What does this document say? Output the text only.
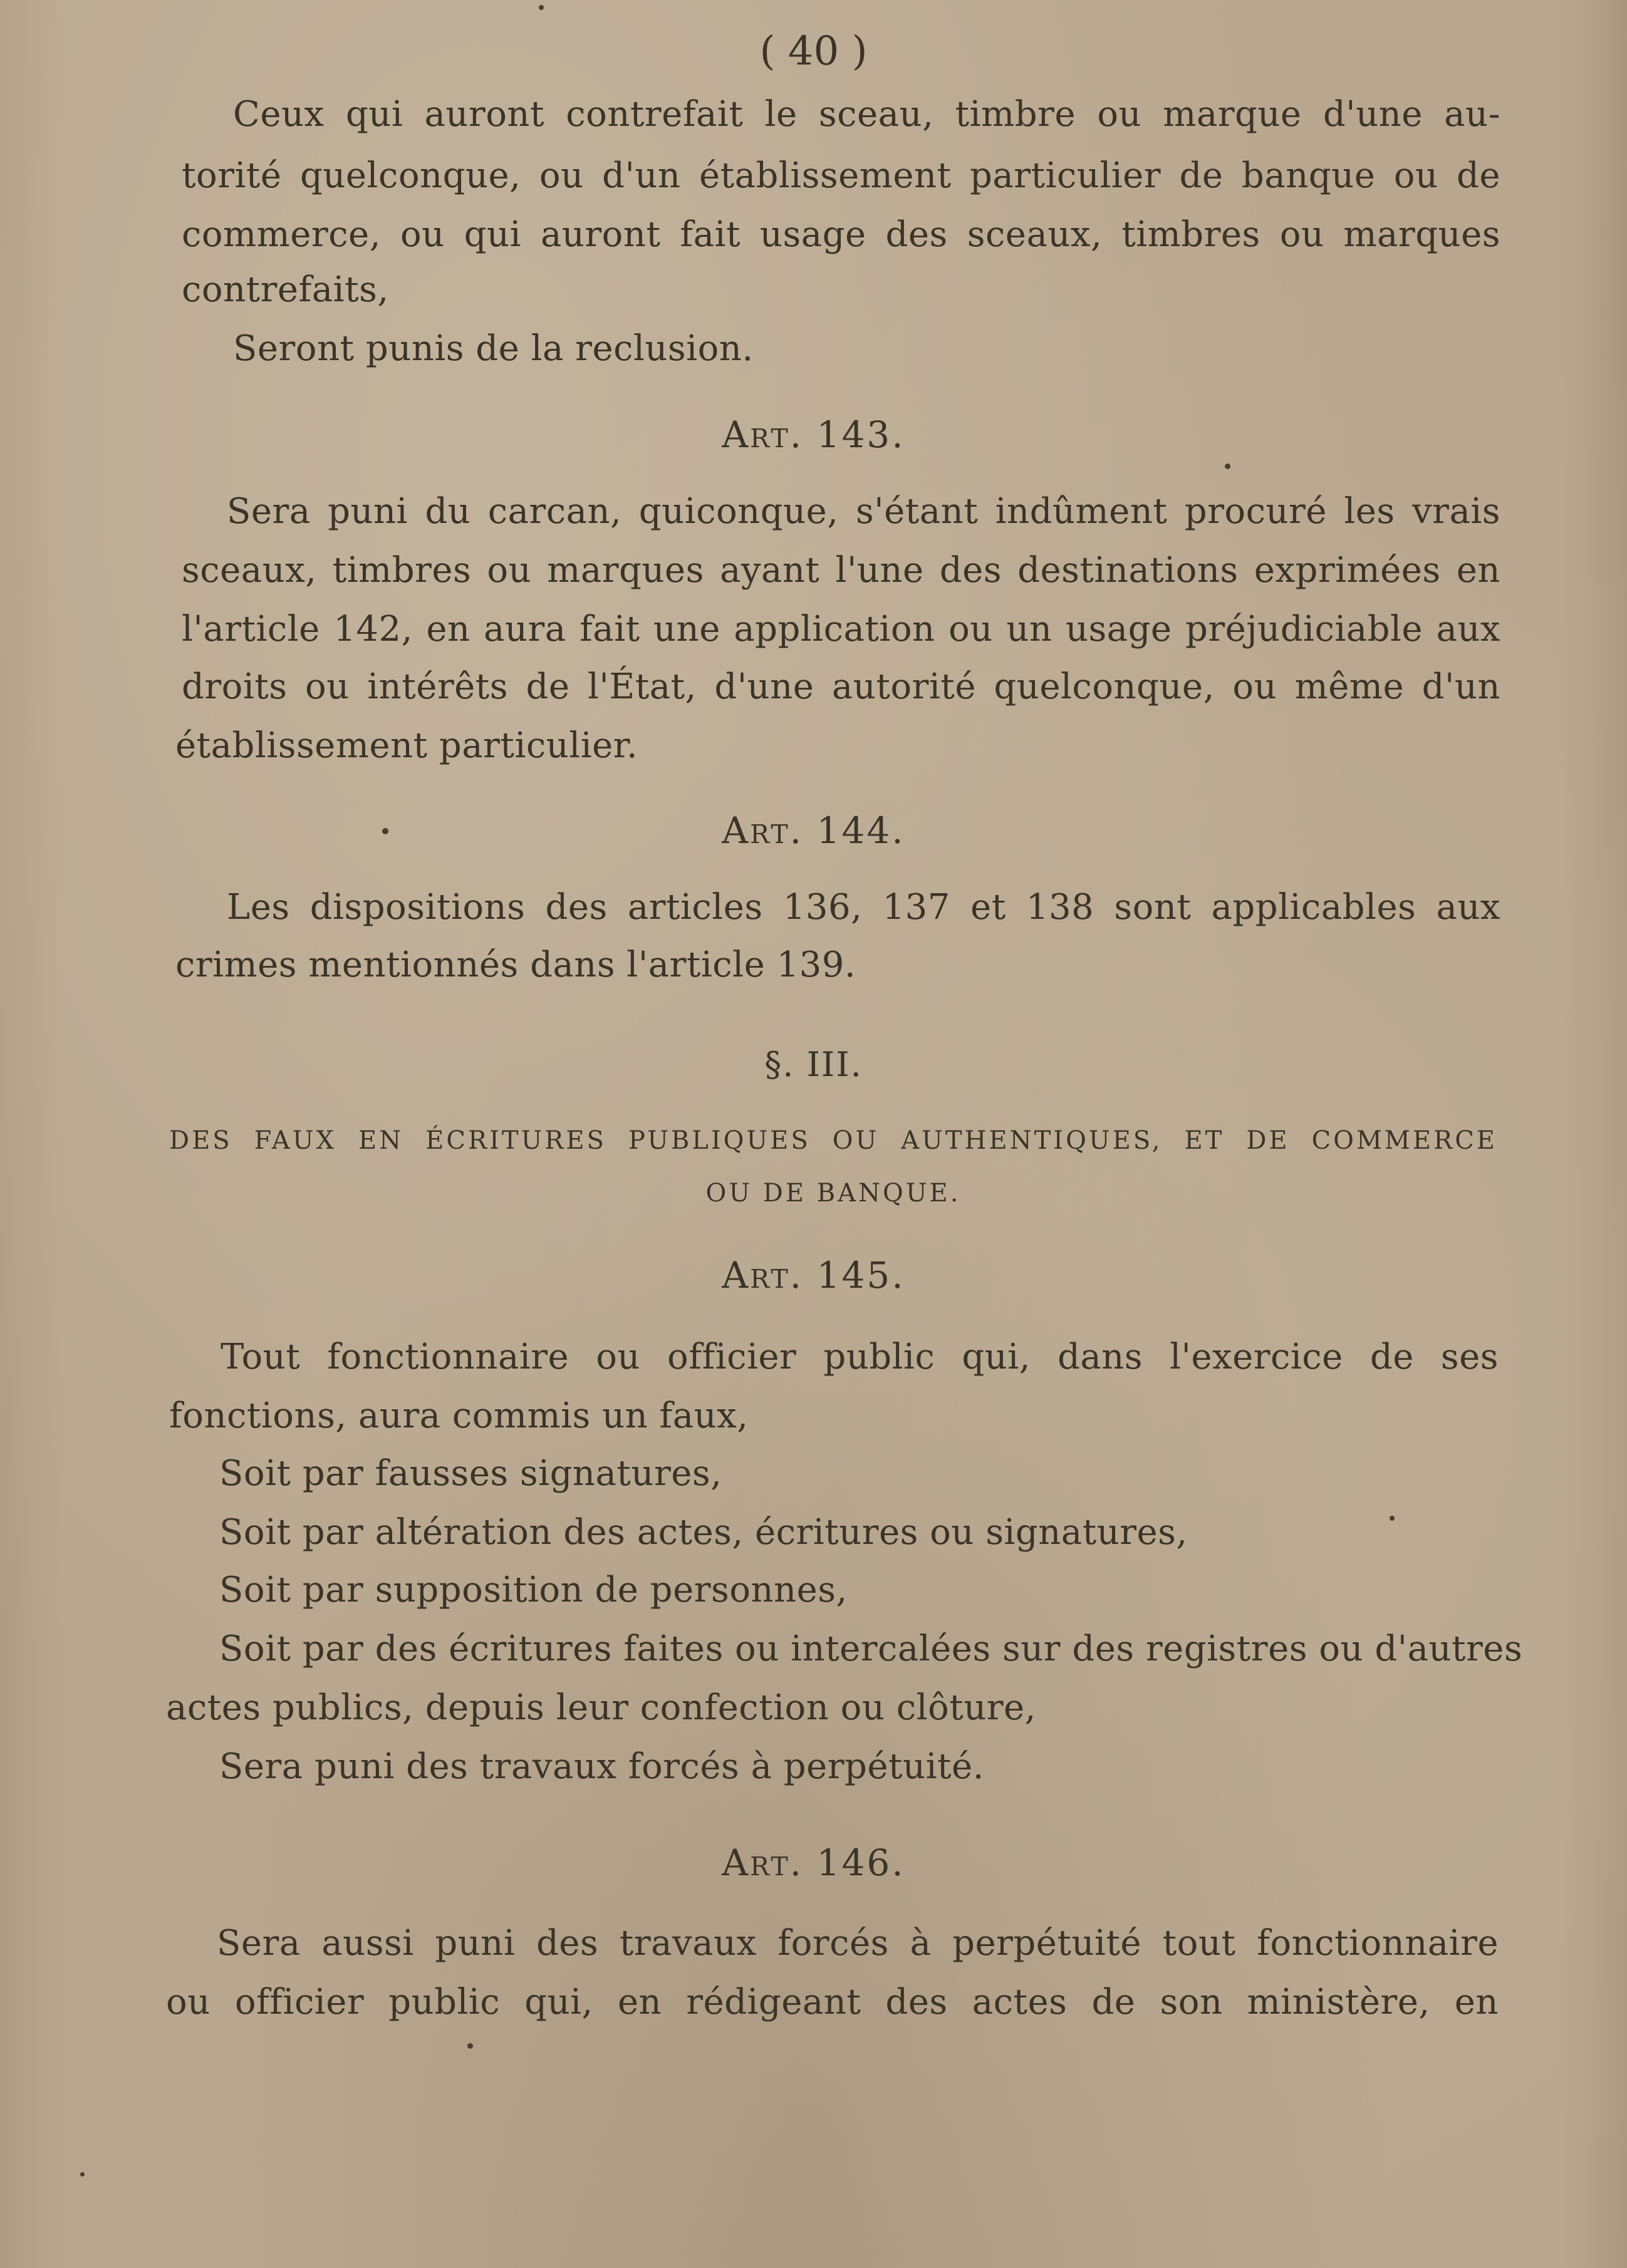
( 40 )
Ceux qui auront contrefait le sceau, timbre ou marque d'une au-
torité quelconque, ou d'un établissement particulier de banque ou de
commerce, ou qui auront fait usage des sceaux, timbres ou marques
contrefaits,
Seront punis de la reclusion.
Art. 143.
Sera puni du carcan, quiconque, s'étant indûment procuré les vrais
sceaux, timbres ou marques ayant l'une des destinations exprimées en
l'article 142, en aura fait une application ou un usage préjudiciable aux
droits ou intérêts de l'État, d'une autorité quelconque, ou même d'un
établissement particulier.
Art. 144.
Les dispositions des articles 136, 137 et 138 sont applicables aux
crimes mentionnés dans l'article 139.
§. III.
DES FAUX EN ÉCRITURES PUBLIQUES OU AUTHENTIQUES, ET DE COMMERCE
OU DE BANQUE.
Art. 145.
Tout fonctionnaire ou officier public qui, dans l'exercice de ses
fonctions, aura commis un faux,
Soit par fausses signatures,
Soit par altération des actes, écritures ou signatures,
Soit par supposition de personnes,
Soit par des écritures faites ou intercalées sur des registres ou d'autres
actes publics, depuis leur confection ou clôture,
Sera puni des travaux forcés à perpétuité.
Art. 146.
Sera aussi puni des travaux forcés à perpétuité tout fonctionnaire
ou officier public qui, en rédigeant des actes de son ministère, en
